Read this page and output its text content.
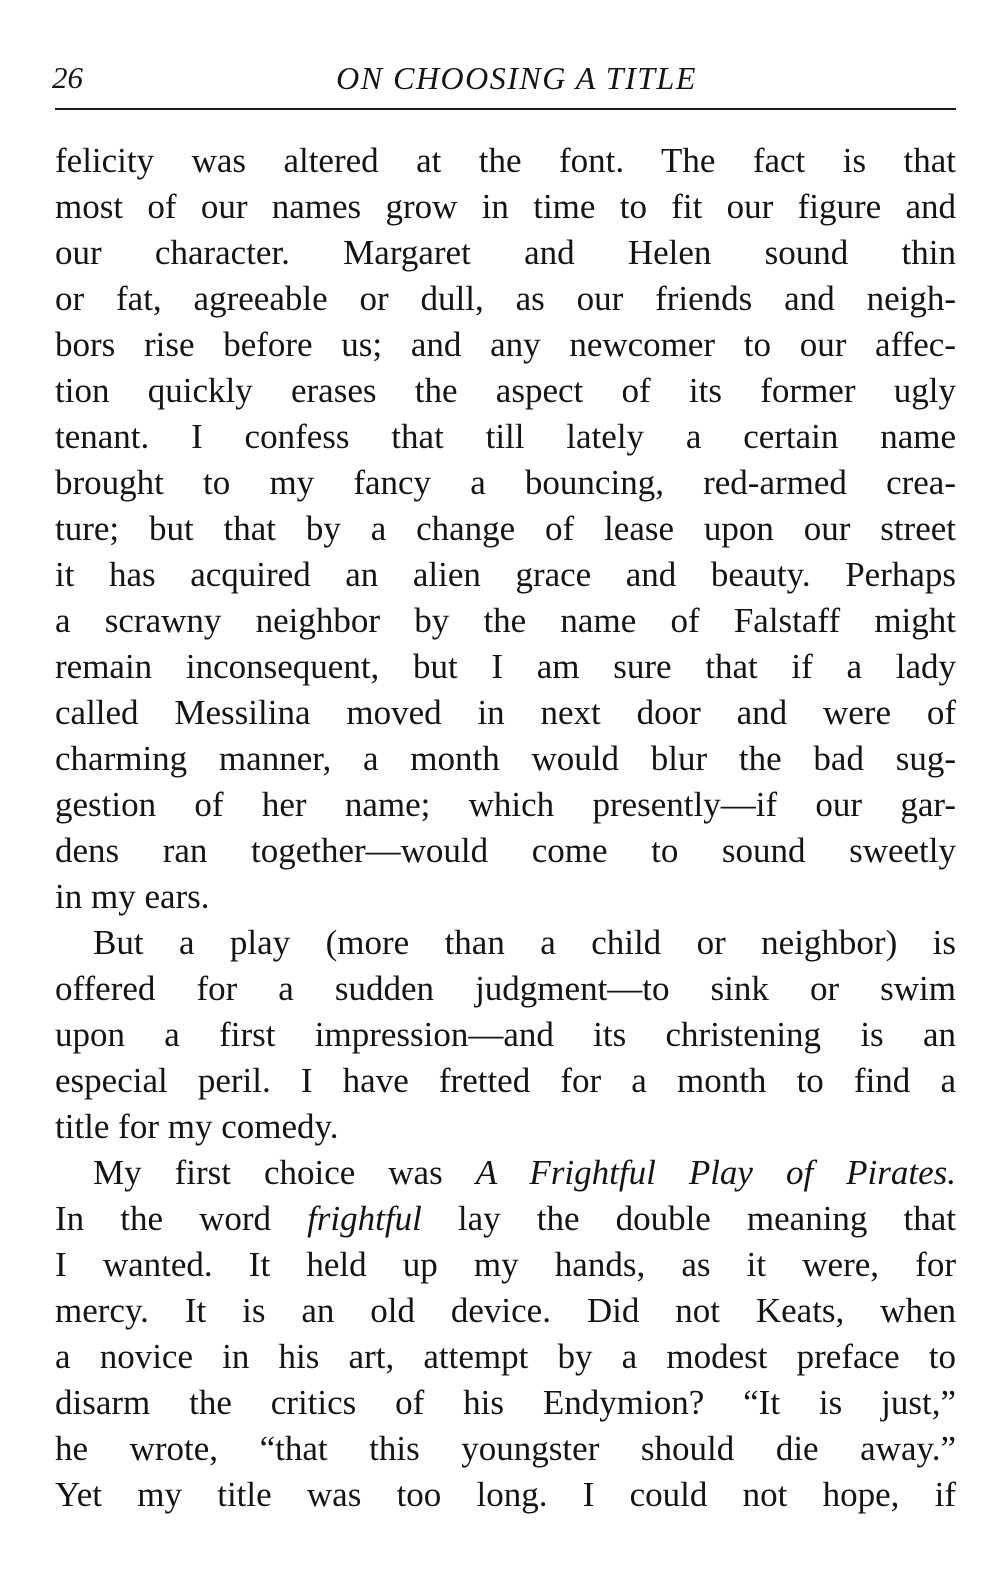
26	ON CHOOSING A TITLE

felicity was altered at the font. The fact is that
most of our names grow in time to fit our figure and
our character. Margaret and Helen sound thin
or fat, agreeable or dull, as our friends and neigh-
bors rise before us; and any newcomer to our affec-
tion quickly erases the aspect of its former ugly
tenant. I confess that till lately a certain name
brought to my fancy a bouncing, red-armed crea-
ture; but that by a change of lease upon our street
it has acquired an alien grace and beauty. Perhaps
a scrawny neighbor by the name of Falstaff might
remain inconsequent, but I am sure that if a lady
called Messilina moved in next door and were of
charming manner, a month would blur the bad sug-
gestion of her name; which presently—if our gar-
dens ran together—would come to sound sweetly
in my ears.

But a play (more than a child or neighbor) is
offered for a sudden judgment—to sink or swim
upon a first impression—and its christening is an
especial peril. I have fretted for a month to find a
title for my comedy.

My first choice was A Frightful Play of Pirates.
In the word frightful lay the double meaning that
I wanted. It held up my hands, as it were, for
mercy. It is an old device. Did not Keats, when
a novice in his art, attempt by a modest preface to
disarm the critics of his Endymion? “It is just,”
he wrote, “that this youngster should die away.”
Yet my title was too long. I could not hope, if
